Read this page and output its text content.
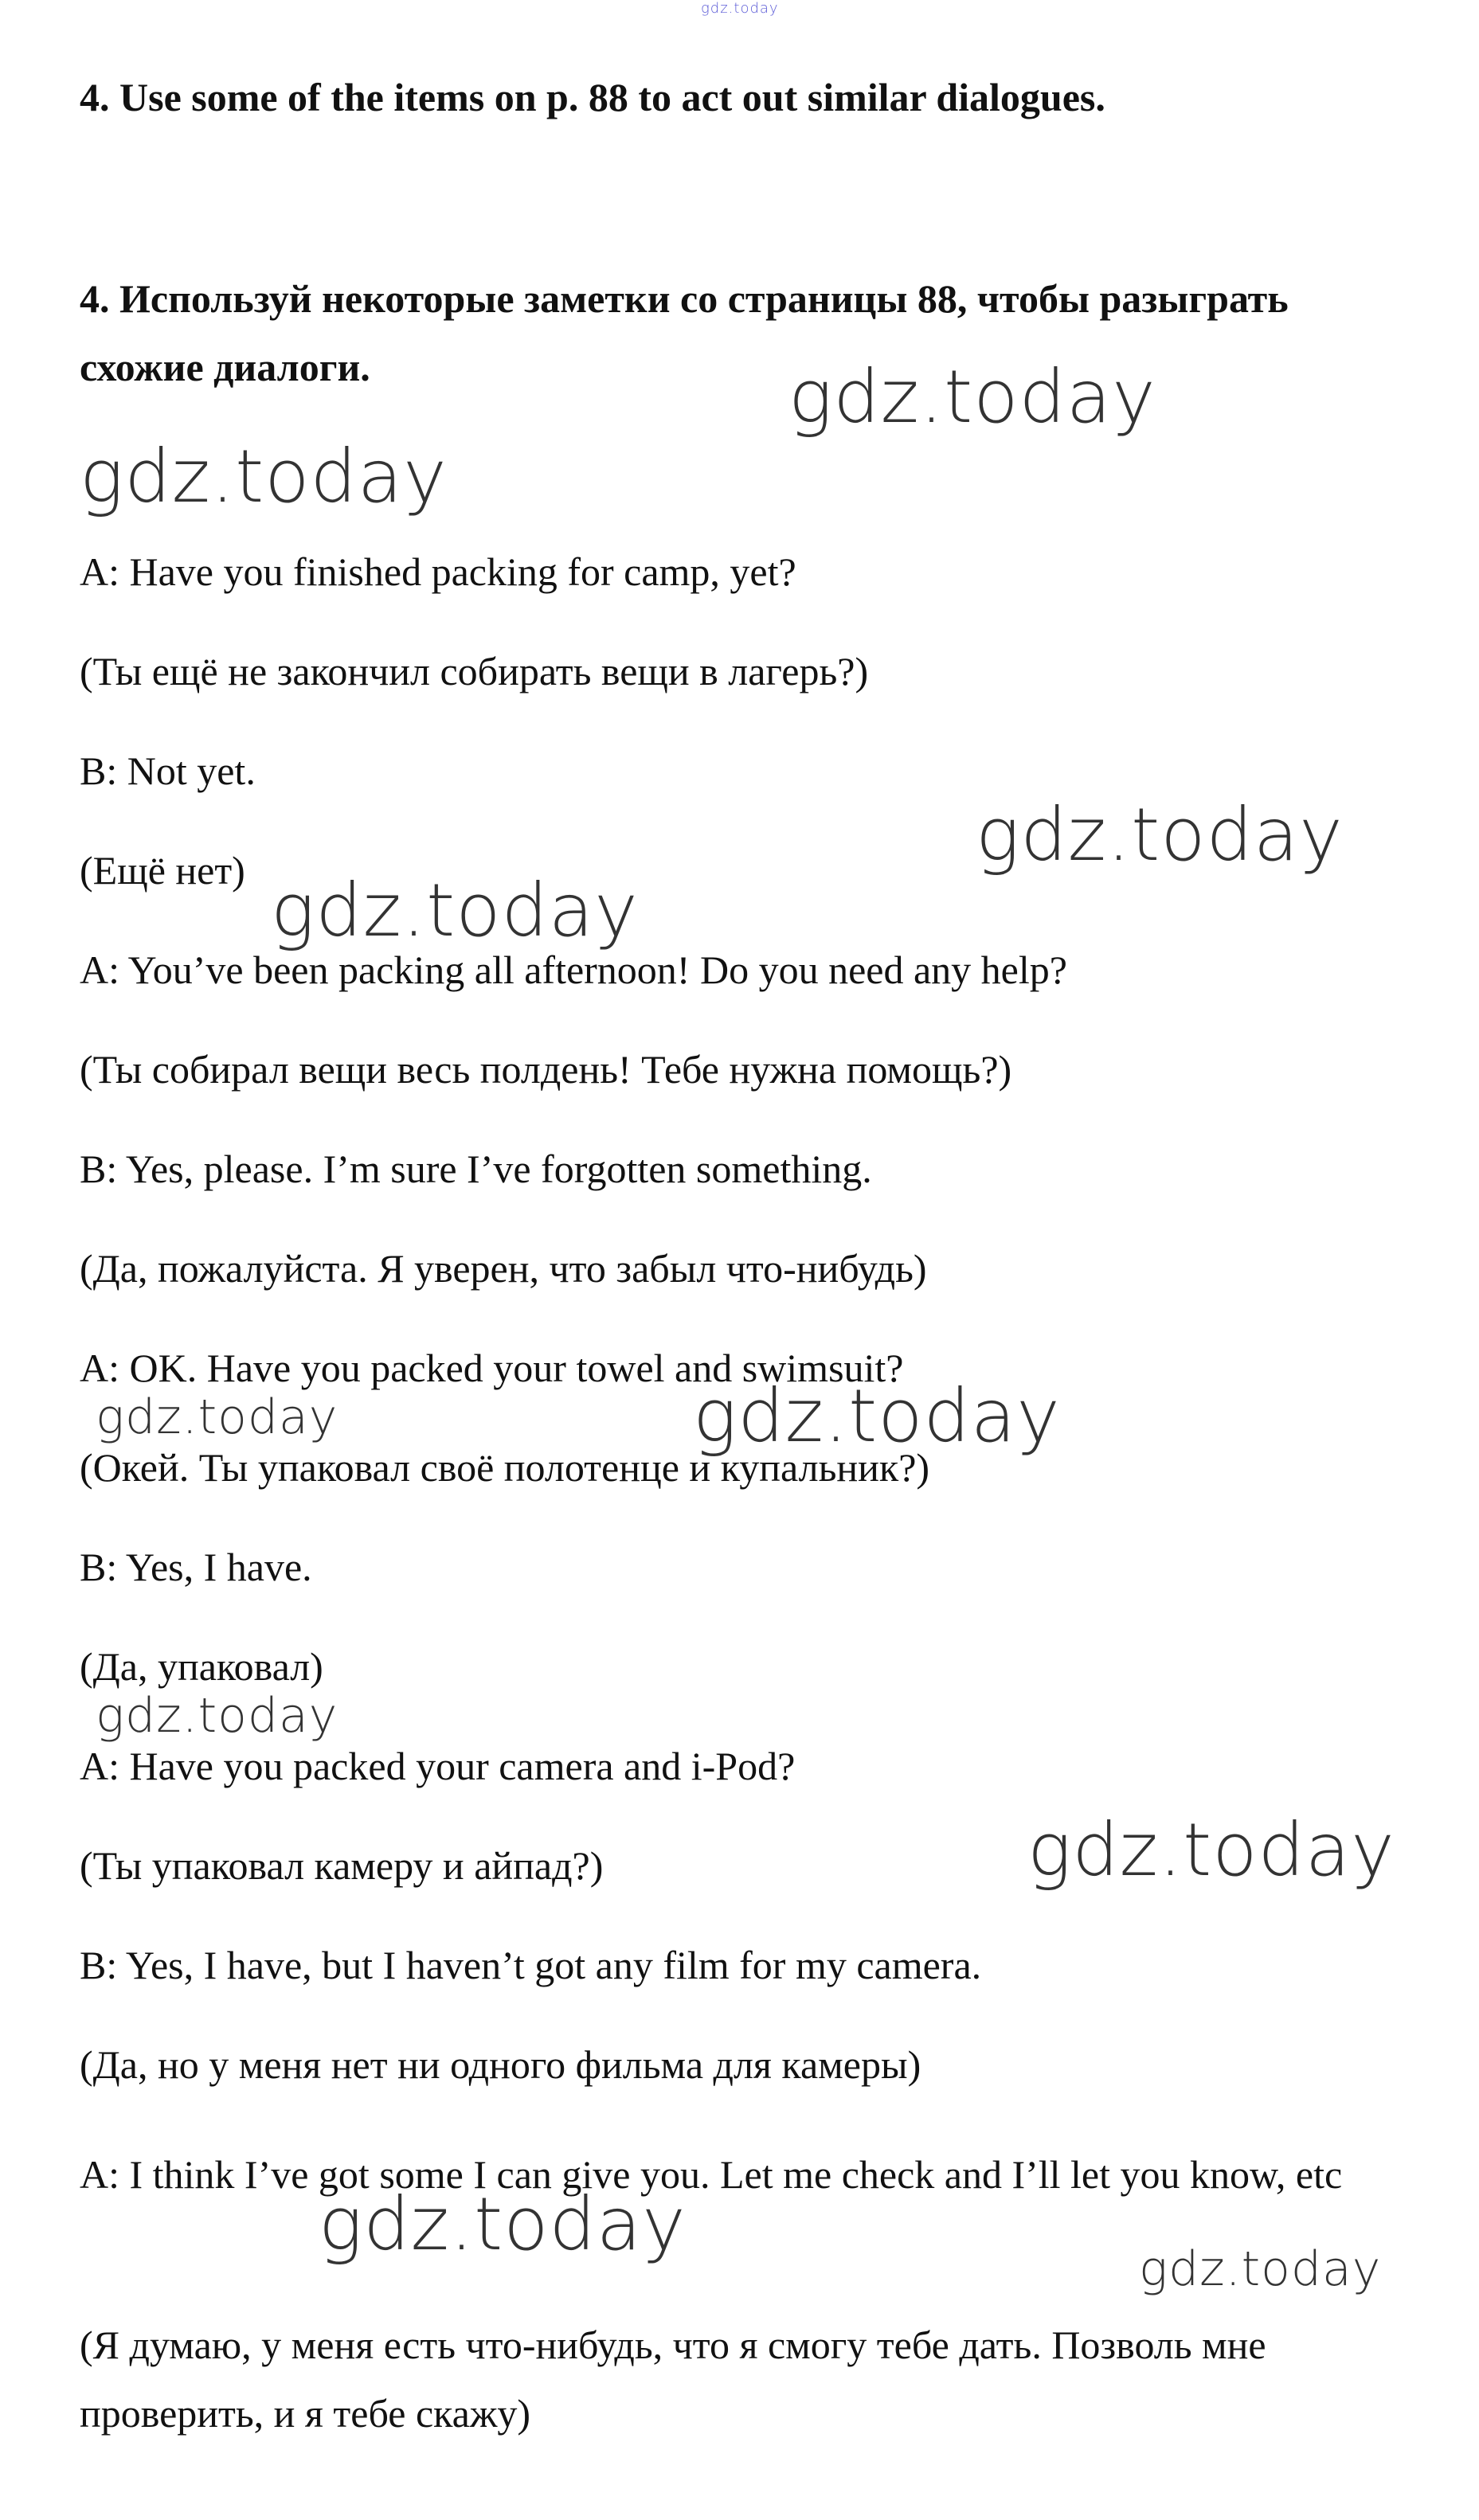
gdz.today

4. Use some of the items on p. 88 to act out similar dialogues.

4. Используй некоторые заметки со страницы 88, чтобы разыграть схожие диалоги.

A: Have you finished packing for camp, yet?

(Ты ещё не закончил собирать вещи в лагерь?)

B: Not yet.

(Ещё нет)

A: You’ve been packing all afternoon! Do you need any help?

(Ты собирал вещи весь полдень! Тебе нужна помощь?)

B: Yes, please. I’m sure I’ve forgotten something.

(Да, пожалуйста. Я уверен, что забыл что-нибудь)

A: OK. Have you packed your towel and swimsuit?

(Окей. Ты упаковал своё полотенце и купальник?)

B: Yes, I have.

(Да, упаковал)

A: Have you packed your camera and i-Pod?

(Ты упаковал камеру и айпад?)

B: Yes, I have, but I haven’t got any film for my camera.

(Да, но у меня нет ни одного фильма для камеры)

A: I think I’ve got some I can give you. Let me check and I’ll let you know, etc

(Я думаю, у меня есть что-нибудь, что я смогу тебе дать. Позволь мне проверить, и я тебе скажу)

gdz.today
gdz.today
gdz.today
gdz.today
gdz.today	gdz.today
gdz.today
gdz.today
gdz.today
gdz.today
